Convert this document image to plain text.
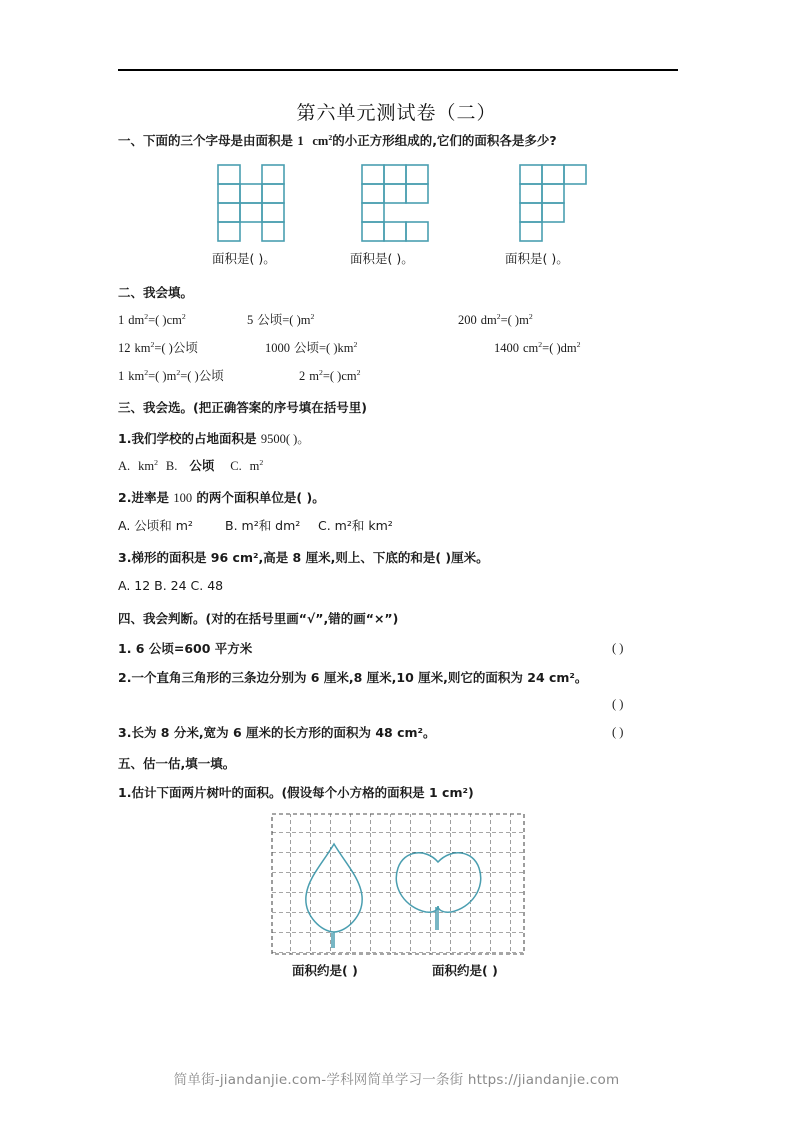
第六单元测试卷（二）
一、下面的三个字母是由面积是 1 $cm^2$的小正方形组成的,它们的面积各是多少?
面积是( )。	面积是( )。	面积是( )。
二、我会填。
1 $dm^2=$( )$cm^2$	5 公顷=( )$m^2$	200 $dm^2=$( )$m^2$
12 $km^2=$( )公顷	1000 公顷=( )$km^2$	1400 $cm^2=$( )$dm^2$
1 $km^2=$( )$m^2=$( )公顷	2 $m^2=$( )$cm^2$
三、我会选。(把正确答案的序号填在括号里)
1.我们学校的占地面积是 9500( )。
A. $km^2$ B. 公顷 C. $m^2$
2.进率是 100 的两个面积单位是( )。
A. 公顷和 m²	B. m²和 dm² C. m²和 km²
3.梯形的面积是 96 cm²,高是 8 厘米,则上、下底的和是( )厘米。
A. 12 B. 24 C. 48
四、我会判断。(对的在括号里画“√”,错的画“×”)
1. 6 公顷=600 平方米	( )
2.一个直角三角形的三条边分别为 6 厘米,8 厘米,10 厘米,则它的面积为 24 cm²。
( )
3.长为 8 分米,宽为 6 厘米的长方形的面积为 48 cm²。	( )
五、估一估,填一填。
1.估计下面两片树叶的面积。(假设每个小方格的面积是 1 cm²)
面积约是( )	面积约是( )
简单街-jiandanjie.com-学科网简单学习一条街 https://jiandanjie.com
